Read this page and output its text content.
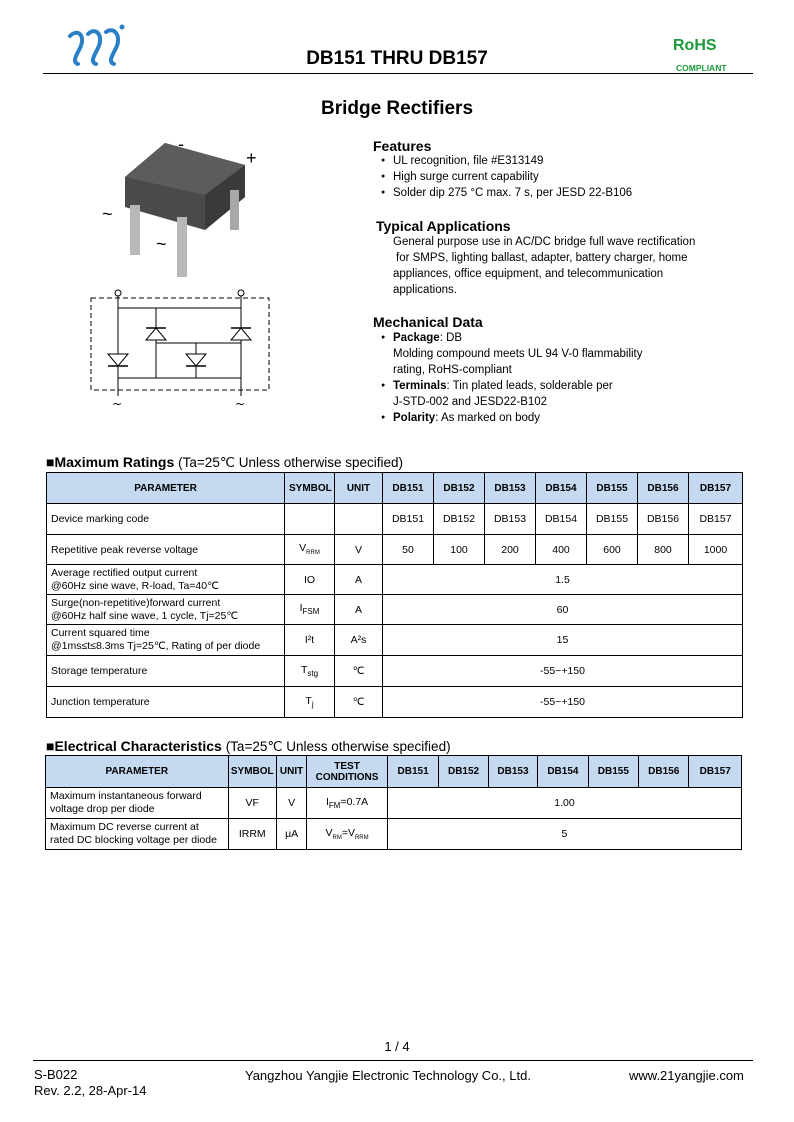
DB151 THRU DB157
RoHS
COMPLIANT
Bridge Rectifiers
-
+
~
~
~	~
Features
● UL recognition, file #E313149
● High surge current capability
● Solder dip 275 °C max. 7 s, per JESD 22-B106
Typical Applications
General purpose use in AC/DC bridge full wave rectification
for SMPS, lighting ballast, adapter, battery charger, home
appliances, office equipment, and telecommunication
applications.
Mechanical Data
● Package: DB
Molding compound meets UL 94 V-0 flammability
rating, RoHS-compliant
● Terminals: Tin plated leads, solderable per
J-STD-002 and JESD22-B102
● Polarity: As marked on body
■Maximum Ratings (Ta=25℃ Unless otherwise specified)
PARAMETER	SYMBOL	UNIT	DB151	DB152	DB153	DB154	DB155	DB156	DB157
Device marking code			DB151	DB152	DB153	DB154	DB155	DB156	DB157
Repetitive peak reverse voltage	$V_{RRM}$	V	50	100	200	400	600	800	1000

Average rectified output current
@60Hz sine wave, R-load, Ta=40℃	IO	A	1.5						

Surge(non-repetitive)forward current
@60Hz half sine wave, 1 cycle, Tj=25℃	$I_{FSM}$	A	60						

Current squared time
@1ms≤t≤8.3ms Tj=25℃, Rating of per diode	I²t	A²s	15						
Storage temperature	$T_{stg}$	℃	-55~+150						
Junction temperature	$T_j$	℃	-55~+150						
■Electrical Characteristics (Ta=25℃ Unless otherwise specified)
PARAMETER	SYMBOL	UNIT	TEST CONDITIONS	DB151	DB152	DB153	DB154	DB155	DB156	DB157

Maximum instantaneous forward
voltage drop per diode	VF	V	$I_{FM}=0.7A$	1.00						

Maximum DC reverse current at
rated DC blocking voltage per diode	IRRM	μA	$V_{RM}=V_{RRM}$	5						
1 / 4
S-B022
Rev. 2.2, 28-Apr-14
Yangzhou Yangjie Electronic Technology Co., Ltd.	www.21yangjie.com
